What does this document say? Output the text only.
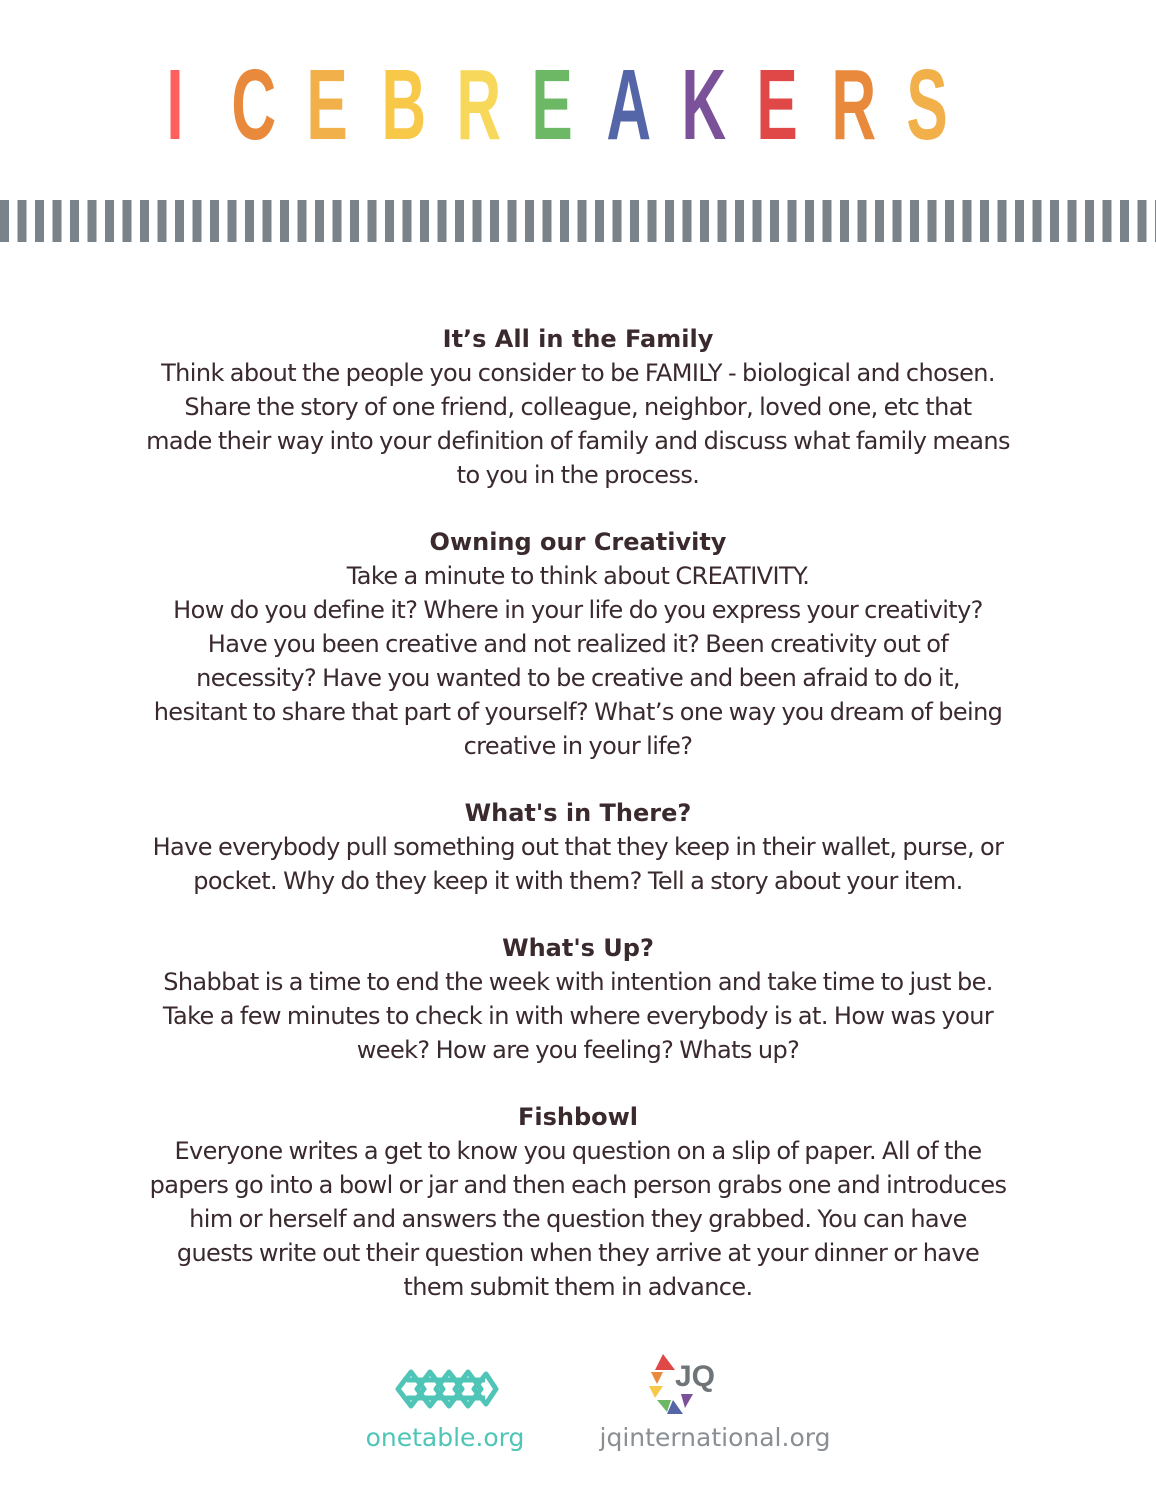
I C E B R E A K E R S
It’s All in the Family

Think about the people you consider to be FAMILY - biological and chosen.

Share the story of one friend, colleague, neighbor, loved one, etc that

made their way into your definition of family and discuss what family means

to you in the process.

Owning our Creativity

Take a minute to think about CREATIVITY.

How do you define it? Where in your life do you express your creativity?

Have you been creative and not realized it? Been creativity out of

necessity? Have you wanted to be creative and been afraid to do it,

hesitant to share that part of yourself? What’s one way you dream of being

creative in your life?

What's in There?

Have everybody pull something out that they keep in their wallet, purse, or

pocket. Why do they keep it with them? Tell a story about your item.

What's Up?

Shabbat is a time to end the week with intention and take time to just be.

Take a few minutes to check in with where everybody is at. How was your

week? How are you feeling? Whats up?

Fishbowl

Everyone writes a get to know you question on a slip of paper. All of the

papers go into a bowl or jar and then each person grabs one and introduces

him or herself and answers the question they grabbed. You can have

guests write out their question when they arrive at your dinner or have

them submit them in advance.

JQ
onetable.org	jqinternational.org
